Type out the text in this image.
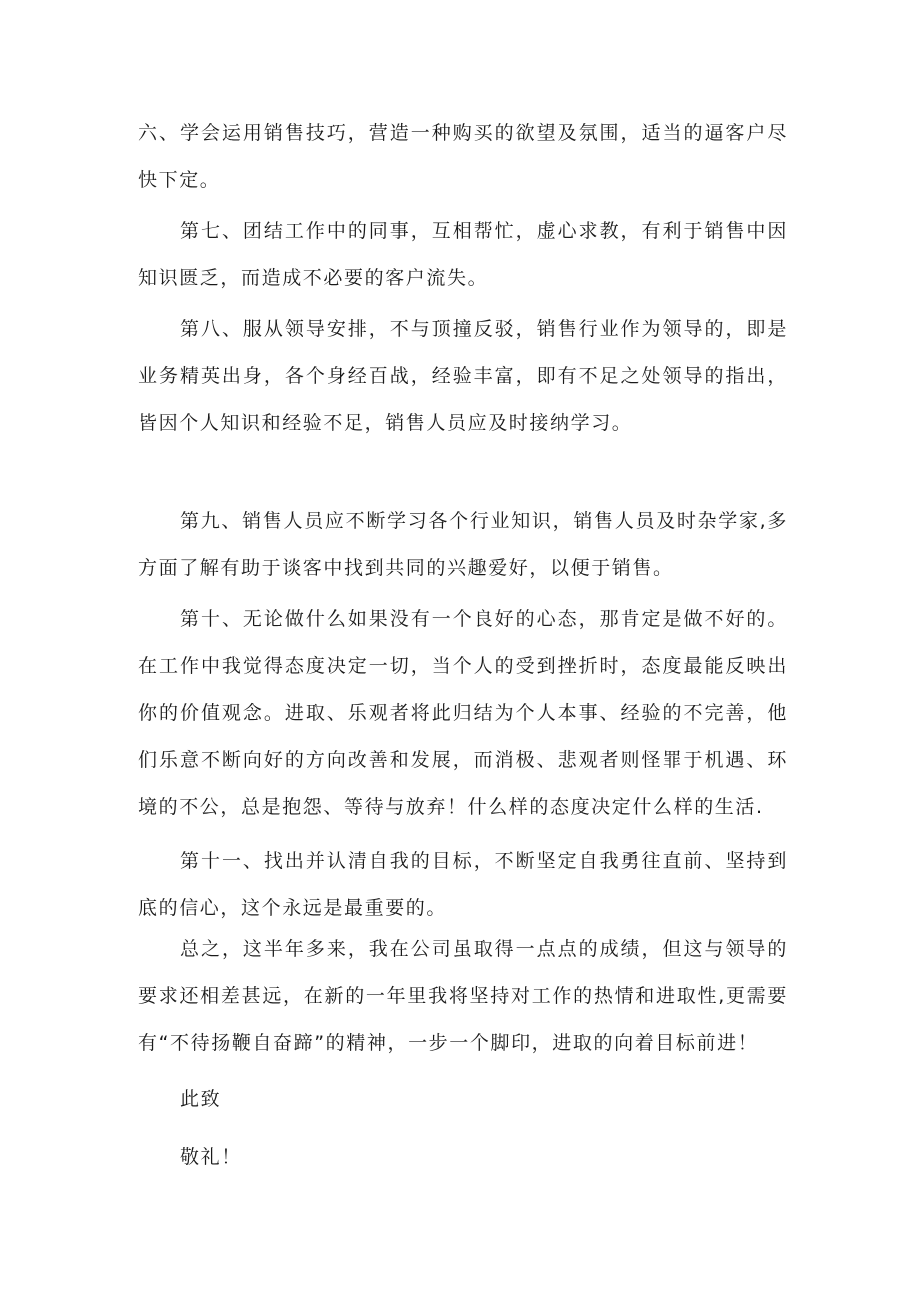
六、学会运用销售技巧，营造一种购买的欲望及氛围，适当的逼客户尽快下定。

第七、团结工作中的同事，互相帮忙，虚心求教，有利于销售中因知识匮乏，而造成不必要的客户流失。

第八、服从领导安排，不与顶撞反驳，销售行业作为领导的，即是业务精英出身，各个身经百战，经验丰富，即有不足之处领导的指出，皆因个人知识和经验不足，销售人员应及时接纳学习。

第九、销售人员应不断学习各个行业知识，销售人员及时杂学家,多方面了解有助于谈客中找到共同的兴趣爱好，以便于销售。

第十、无论做什么如果没有一个良好的心态，那肯定是做不好的。在工作中我觉得态度决定一切，当个人的受到挫折时，态度最能反映出你的价值观念。进取、乐观者将此归结为个人本事、经验的不完善，他们乐意不断向好的方向改善和发展，而消极、悲观者则怪罪于机遇、环境的不公，总是抱怨、等待与放弃！什么样的态度决定什么样的生活.

第十一、找出并认清自我的目标，不断坚定自我勇往直前、坚持到底的信心，这个永远是最重要的。

总之，这半年多来，我在公司虽取得一点点的成绩，但这与领导的要求还相差甚远，在新的一年里我将坚持对工作的热情和进取性,更需要有“不待扬鞭自奋蹄”的精神，一步一个脚印，进取的向着目标前进！

此致

敬礼！
